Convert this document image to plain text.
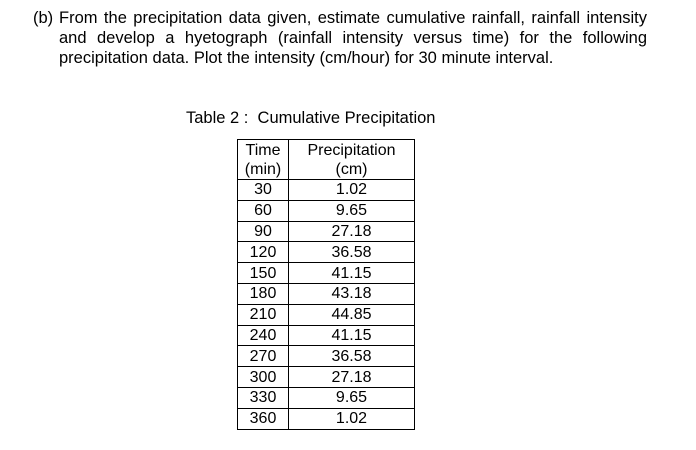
(b) From the precipitation data given, estimate cumulative rainfall, rainfall intensity and develop a hyetograph (rainfall intensity versus time) for the following precipitation data. Plot the intensity (cm/hour) for 30 minute interval.
Table 2 :  Cumulative Precipitation
Time
(min)	Precipitation
(cm)

30	1.02
60	9.65
90	27.18
120	36.58
150	41.15
180	43.18
210	44.85
240	41.15
270	36.58
300	27.18
330	9.65
360	1.02
